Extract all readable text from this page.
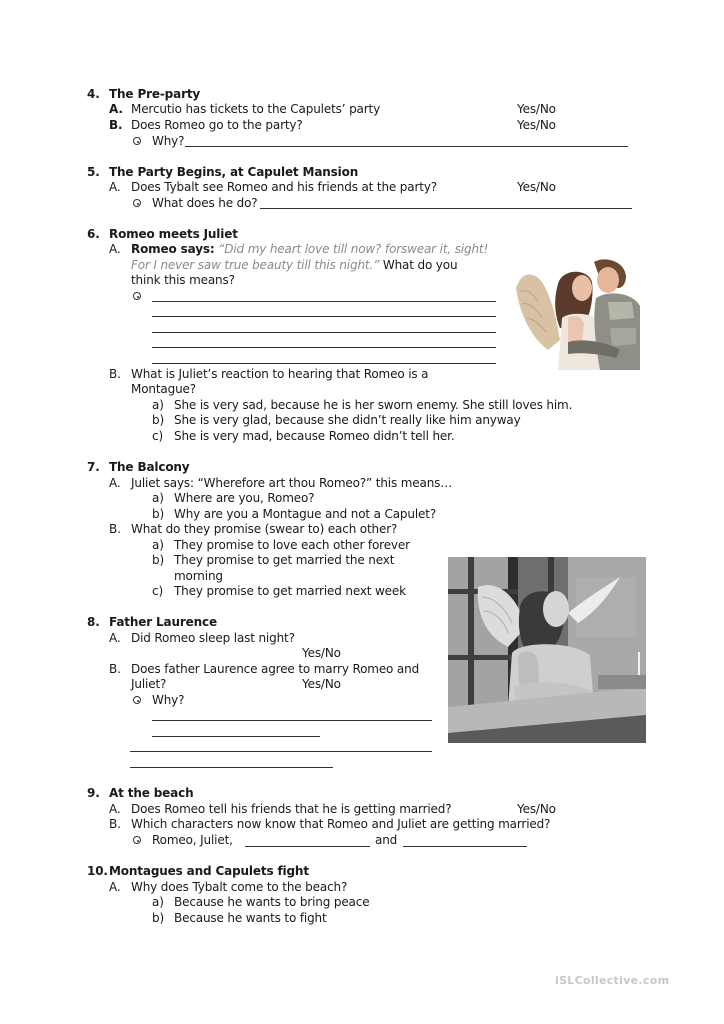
4. The Pre-party
A. Mercutio has tickets to the Capulets’ party	Yes/No
B. Does Romeo go to the party?	Yes/No
Why?
5. The Party Begins, at Capulet Mansion
A. Does Tybalt see Romeo and his friends at the party?	Yes/No
What does he do?
6. Romeo meets Juliet
A. Romeo says: “Did my heart love till now? forswear it, sight!
For I never saw true beauty till this night.” What do you
think this means?
B. What is Juliet’s reaction to hearing that Romeo is a
Montague?
a) She is very sad, because he is her sworn enemy. She still loves him.
b) She is very glad, because she didn’t really like him anyway
c) She is very mad, because Romeo didn’t tell her.
7. The Balcony
A. Juliet says: “Wherefore art thou Romeo?” this means…
a) Where are you, Romeo?
b) Why are you a Montague and not a Capulet?
B. What do they promise (swear to) each other?
a) They promise to love each other forever
b) They promise to get married the next
morning
c) They promise to get married next week
8. Father Laurence
A. Did Romeo sleep last night?
Yes/No
B. Does father Laurence agree to marry Romeo and
Juliet?	Yes/No
Why?
9. At the beach
A. Does Romeo tell his friends that he is getting married?	Yes/No
B. Which characters now know that Romeo and Juliet are getting married?
Romeo, Juliet,	and
10. Montagues and Capulets fight
A. Why does Tybalt come to the beach?
a) Because he wants to bring peace
b) Because he wants to fight
iSLCollective.com
